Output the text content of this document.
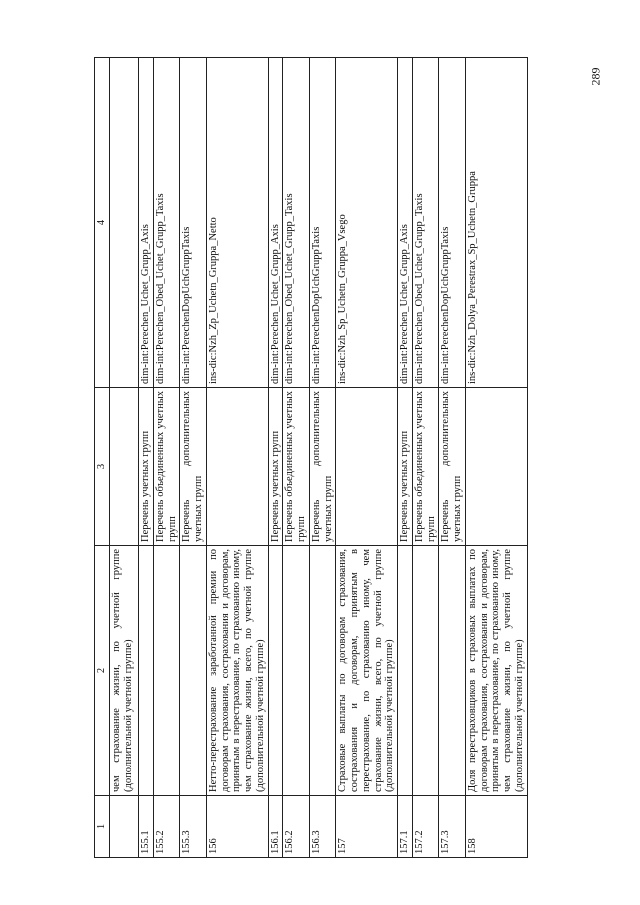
289
1	2	3	4
	чем страхование жизни, по учетной группе (дополнительной учетной группе)		
155.1		Перечень учетных групп	dim-int:Perechen_Uchet_Grupp_Axis
155.2		Перечень объединенных учетных групп	dim-int:Perechen_Obed_Uchet_Grupp_Taxis
155.3		Перечень дополнительных учетных групп	dim-int:PerechenDopUchGruppTaxis
156	Нетто-перестрахование заработанной премии по договорам страхования, сострахования и договорам, принятым в перестрахование, по страхованию иному, чем страхование жизни, всего, по учетной группе (дополнительной учетной группе)		ins-dic:Nzh_Zp_Uchetn_Gruppa_Netto
156.1		Перечень учетных групп	dim-int:Perechen_Uchet_Grupp_Axis
156.2		Перечень объединенных учетных групп	dim-int:Perechen_Obed_Uchet_Grupp_Taxis
156.3		Перечень дополнительных учетных групп	dim-int:PerechenDopUchGruppTaxis
157	Страховые выплаты по договорам страхования, сострахования и договорам, принятым в перестрахование, по страхованию иному, чем страхование жизни, всего, по учетной группе (дополнительной учетной группе)		ins-dic:Nzh_Sp_Uchetn_Gruppa_Vsego
157.1		Перечень учетных групп	dim-int:Perechen_Uchet_Grupp_Axis
157.2		Перечень объединенных учетных групп	dim-int:Perechen_Obed_Uchet_Grupp_Taxis
157.3		Перечень дополнительных учетных групп	dim-int:PerechenDopUchGruppTaxis
158	Доля перестраховщиков в страховых выплатах по договорам страхования, сострахования и договорам, принятым в перестрахование, по страхованию иному, чем страхование жизни, по учетной группе (дополнительной учетной группе)		ins-dic:Nzh_Dolya_Perestrax_Sp_Uchetn_Gruppa
